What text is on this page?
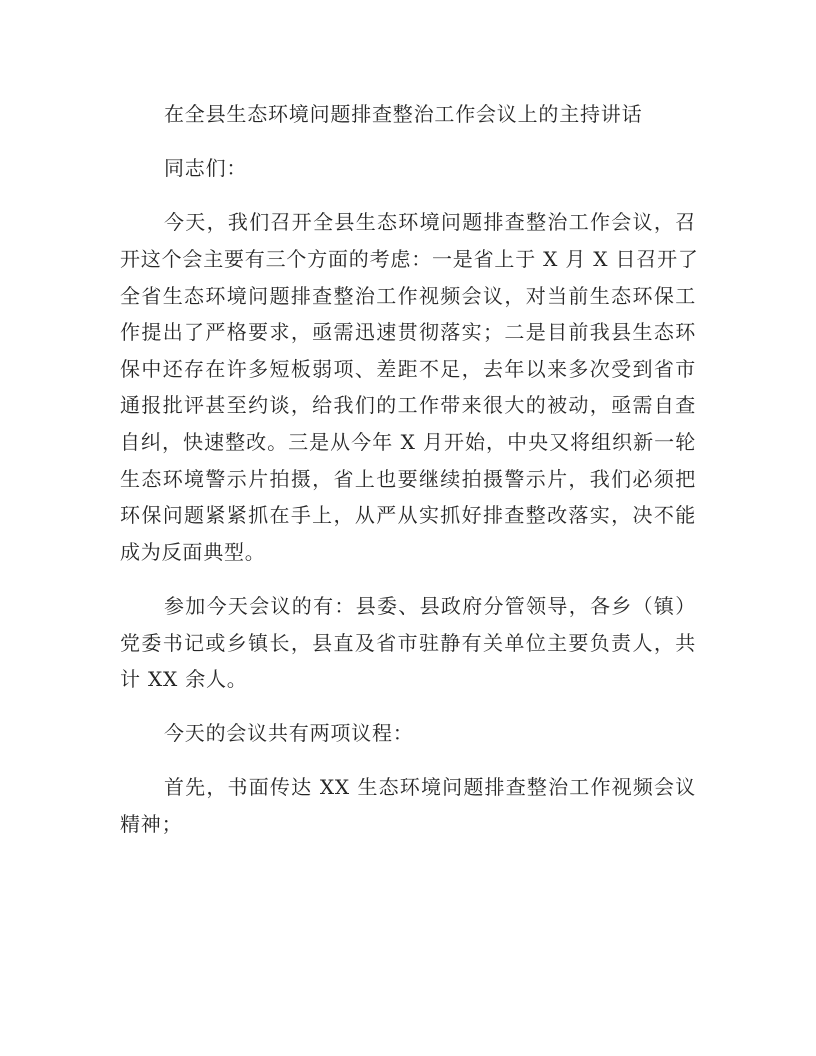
在全县生态环境问题排查整治工作会议上的主持讲话
同志们：
今天，我们召开全县生态环境问题排查整治工作会议，召
开这个会主要有三个方面的考虑：一是省上于 X 月 X 日召开了
全省生态环境问题排查整治工作视频会议，对当前生态环保工
作提出了严格要求，亟需迅速贯彻落实；二是目前我县生态环
保中还存在许多短板弱项、差距不足，去年以来多次受到省市
通报批评甚至约谈，给我们的工作带来很大的被动，亟需自查
自纠，快速整改。三是从今年 X 月开始，中央又将组织新一轮
生态环境警示片拍摄，省上也要继续拍摄警示片，我们必须把
环保问题紧紧抓在手上，从严从实抓好排查整改落实，决不能
成为反面典型。
参加今天会议的有：县委、县政府分管领导，各乡（镇）
党委书记或乡镇长，县直及省市驻静有关单位主要负责人，共
计 XX 余人。
今天的会议共有两项议程：
首先，书面传达 XX 生态环境问题排查整治工作视频会议
精神；
